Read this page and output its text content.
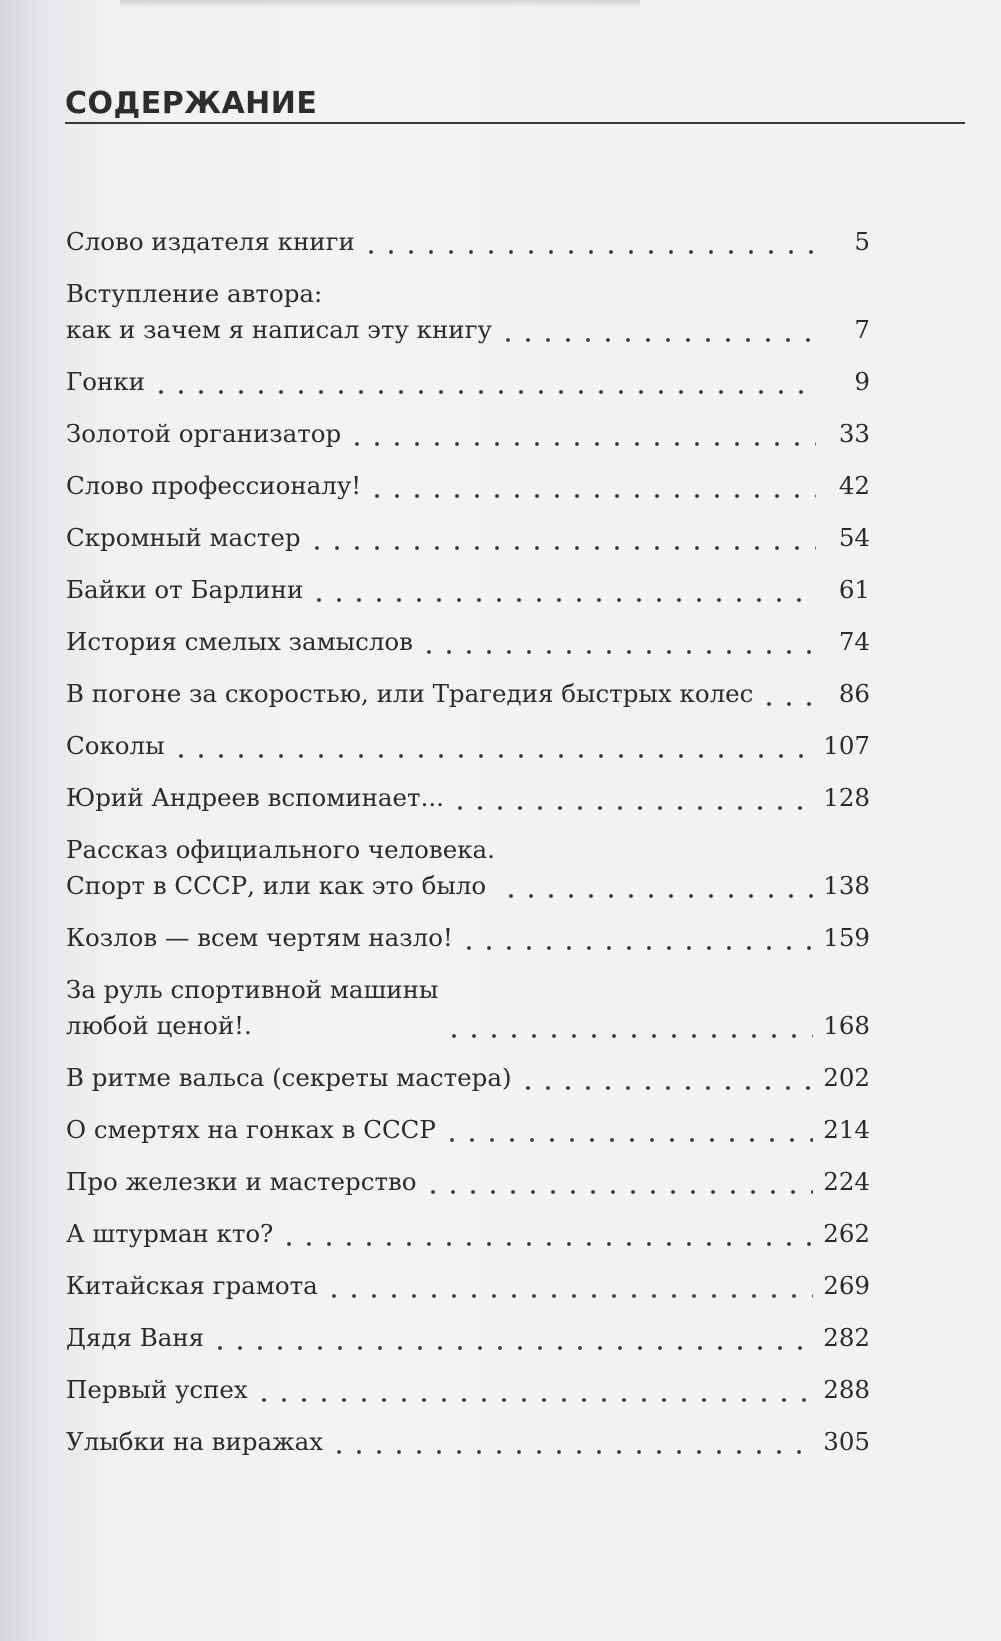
СОДЕРЖАНИЕ
Слово издателя книги	5
Вступление автора:
как и зачем я написал эту книгу	7
Гонки	9
Золотой организатор	33
Слово профессионалу!	42
Скромный мастер	54
Байки от Барлини	61
История смелых замыслов	74
В погоне за скоростью, или Трагедия быстрых колес	86
Соколы	107
Юрий Андреев вспоминает...	128
Рассказ официального человека.
Спорт в СССР, или как это было	138
Козлов — всем чертям назло!	159
За руль спортивной машины
любой ценой!.	168
В ритме вальса (секреты мастера)	202
О смертях на гонках в СССР	214
Про железки и мастерство	224
А штурман кто?	262
Китайская грамота	269
Дядя Ваня	282
Первый успех	288
Улыбки на виражах	305
